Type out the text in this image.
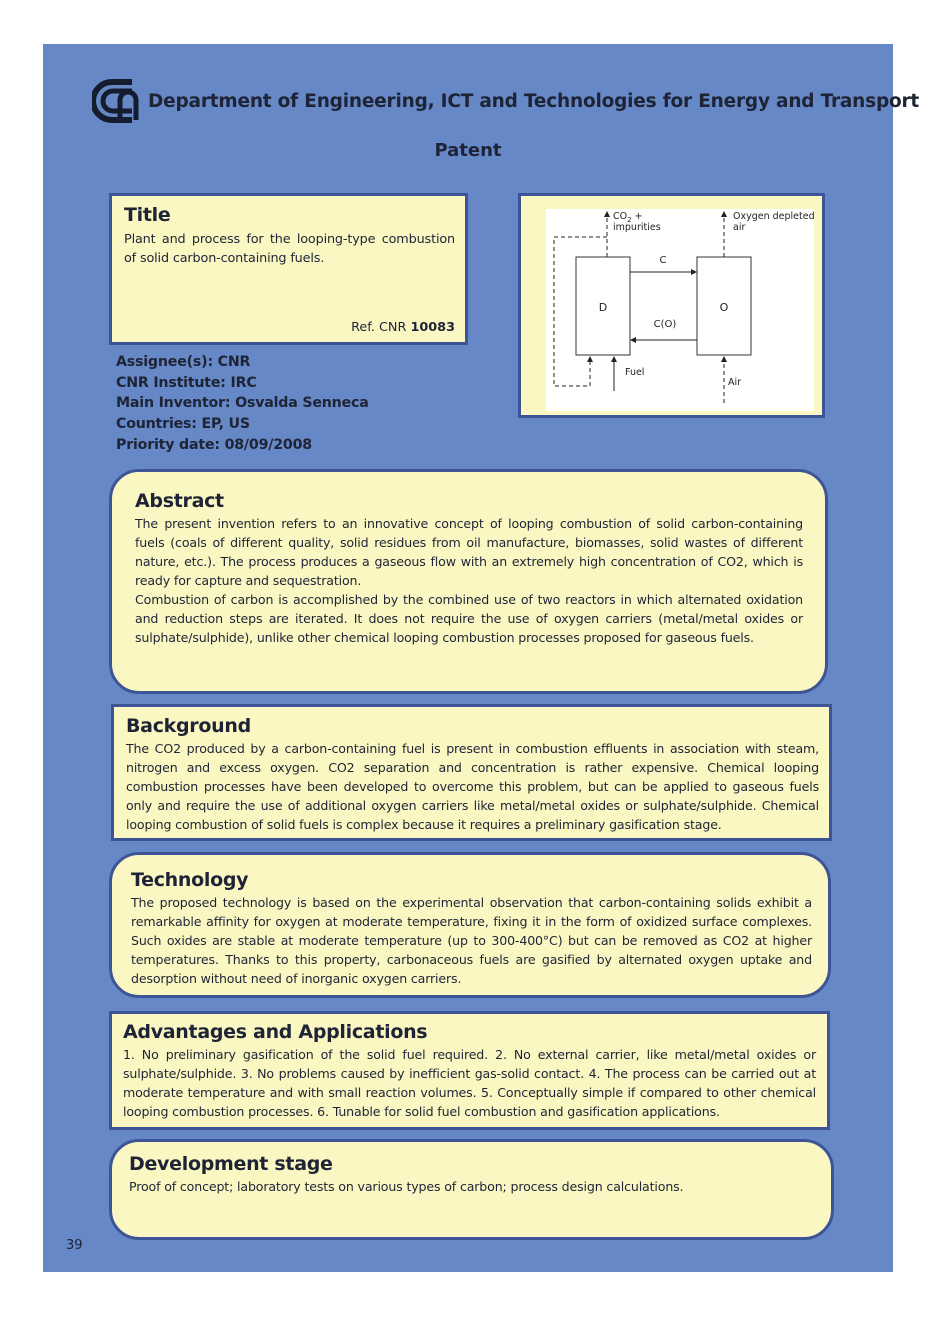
Department of Engineering, ICT and Technologies for Energy and Transport
Patent
Title

Plant and process for the looping-type combustion of solid carbon-containing fuels.

Ref. CNR 10083
Assignee(s): CNR
CNR Institute: IRC
Main Inventor: Osvalda Senneca
Countries: EP, US
Priority date: 08/09/2008
D	O
C
C(O)
$CO_2$ +
impurities
Fuel
Oxygen depleted
air
Air
Abstract

The present invention refers to an innovative concept of looping combustion of solid carbon-containing fuels (coals of different quality, solid residues from oil manufacture, biomasses, solid wastes of different nature, etc.). The process produces a gaseous flow with an extremely high concentration of CO2, which is ready for capture and sequestration.

Combustion of carbon is accomplished by the combined use of two reactors in which alternated oxidation and reduction steps are iterated. It does not require the use of oxygen carriers (metal/metal oxides or sulphate/sulphide), unlike other chemical looping combustion processes proposed for gaseous fuels.

Background

The CO2 produced by a carbon-containing fuel is present in combustion effluents in association with steam, nitrogen and excess oxygen. CO2 separation and concentration is rather expensive. Chemical looping combustion processes have been developed to overcome this problem, but can be applied to gaseous fuels only and require the use of additional oxygen carriers like metal/metal oxides or sulphate/sulphide. Chemical looping combustion of solid fuels is complex because it requires a preliminary gasification stage.

Technology

The proposed technology is based on the experimental observation that carbon-containing solids exhibit a remarkable affinity for oxygen at moderate temperature, fixing it in the form of oxidized surface complexes. Such oxides are stable at moderate temperature (up to 300-400°C) but can be removed as CO2 at higher temperatures. Thanks to this property, carbonaceous fuels are gasified by alternated oxygen uptake and desorption without need of inorganic oxygen carriers.

Advantages and Applications

1. No preliminary gasification of the solid fuel required. 2. No external carrier, like metal/metal oxides or sulphate/sulphide. 3. No problems caused by inefficient gas-solid contact. 4. The process can be carried out at moderate temperature and with small reaction volumes. 5. Conceptually simple if compared to other chemical looping combustion processes. 6. Tunable for solid fuel combustion and gasification applications.

Development stage

Proof of concept; laboratory tests on various types of carbon; process design calculations.

39
